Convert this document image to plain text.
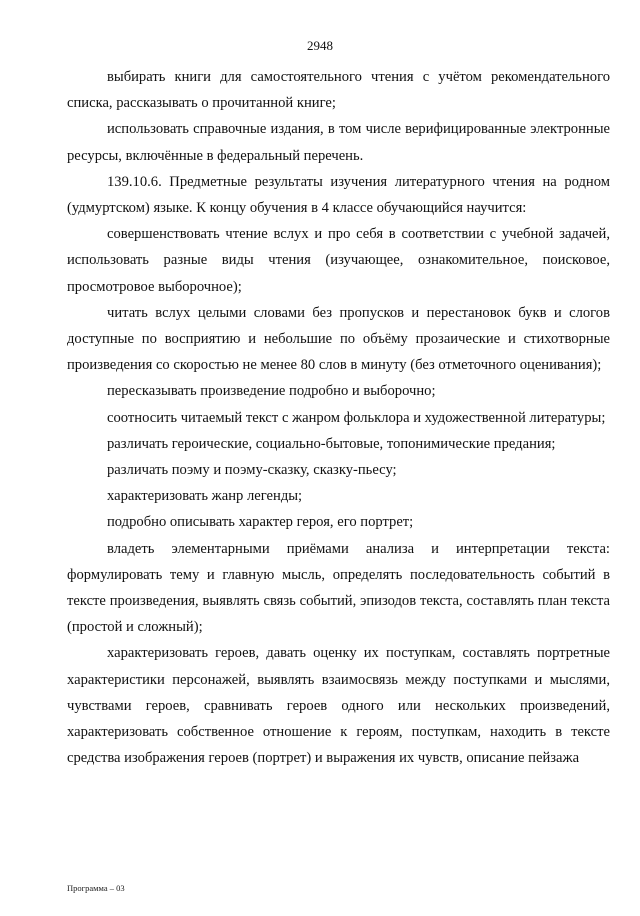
2948

выбирать книги для самостоятельного чтения с учётом рекомендательного списка, рассказывать о прочитанной книге;

использовать справочные издания, в том числе верифицированные электронные ресурсы, включённые в федеральный перечень.

139.10.6. Предметные результаты изучения литературного чтения на родном (удмуртском) языке. К концу обучения в 4 классе обучающийся научится:

совершенствовать чтение вслух и про себя в соответствии с учебной задачей, использовать разные виды чтения (изучающее, ознакомительное, поисковое, просмотровое выборочное);

читать вслух целыми словами без пропусков и перестановок букв и слогов доступные по восприятию и небольшие по объёму прозаические и стихотворные произведения со скоростью не менее 80 слов в минуту (без отметочного оценивания);

пересказывать произведение подробно и выборочно;

соотносить читаемый текст с жанром фольклора и художественной литературы;

различать героические, социально-бытовые, топонимические предания;

различать поэму и поэму-сказку, сказку-пьесу;

характеризовать жанр легенды;

подробно описывать характер героя, его портрет;

владеть элементарными приёмами анализа и интерпретации текста: формулировать тему и главную мысль, определять последовательность событий в тексте произведения, выявлять связь событий, эпизодов текста, составлять план текста (простой и сложный);

характеризовать героев, давать оценку их поступкам, составлять портретные характеристики персонажей, выявлять взаимосвязь между поступками и мыслями, чувствами героев, сравнивать героев одного или нескольких произведений, характеризовать собственное отношение к героям, поступкам, находить в тексте средства изображения героев (портрет) и выражения их чувств, описание пейзажа

Программа – 03
